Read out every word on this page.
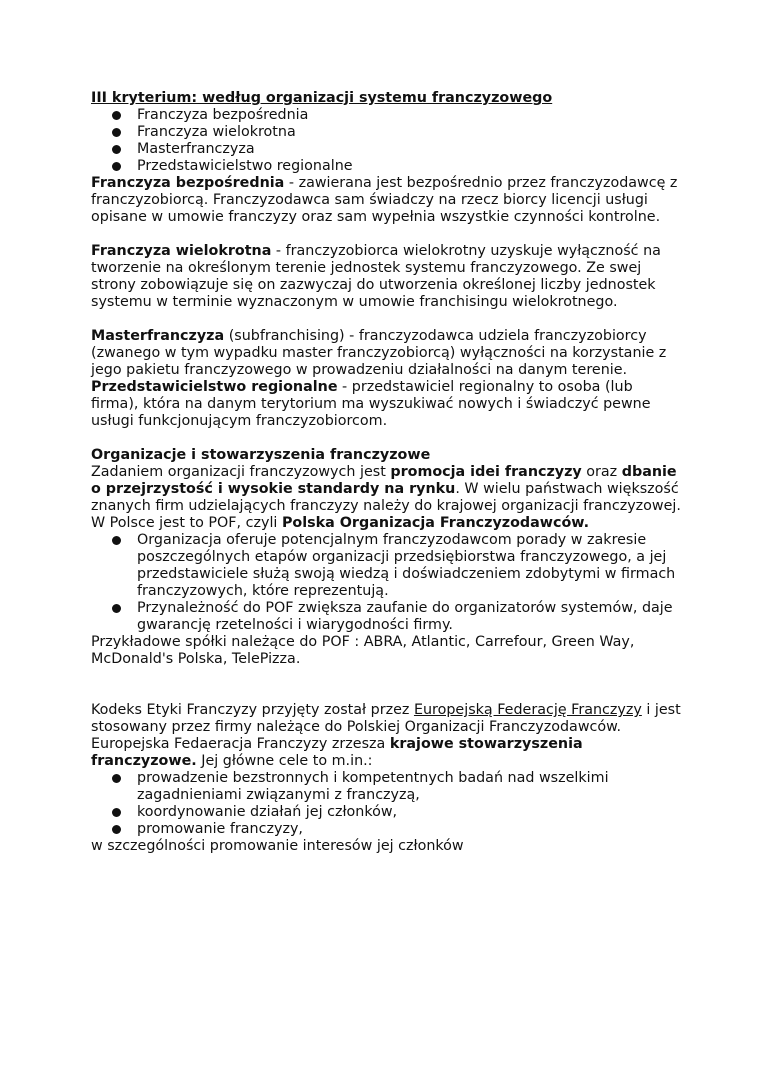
III kryterium: według organizacji systemu franczyzowego
Franczyza bezpośrednia
Franczyza wielokrotna
Masterfranczyza
Przedstawicielstwo regionalne

Franczyza bezpośrednia - zawierana jest bezpośrednio przez franczyzodawcę z franczyzobiorcą. Franczyzodawca sam świadczy na rzecz biorcy licencji usługi opisane w umowie franczyzy oraz sam wypełnia wszystkie czynności kontrolne.

Franczyza wielokrotna - franczyzobiorca wielokrotny uzyskuje wyłączność na tworzenie na określonym terenie jednostek systemu franczyzowego. Ze swej strony zobowiązuje się on zazwyczaj do utworzenia określonej liczby jednostek systemu w terminie wyznaczonym w umowie franchisingu wielokrotnego.

Masterfranczyza (subfranchising) - franczyzodawca udziela franczyzobiorcy (zwanego w tym wypadku master franczyzobiorcą) wyłączności na korzystanie z jego pakietu franczyzowego w prowadzeniu działalności na danym terenie.

Przedstawicielstwo regionalne - przedstawiciel regionalny to osoba (lub firma), która na danym terytorium ma wyszukiwać nowych i świadczyć pewne usługi funkcjonującym franczyzobiorcom.

Organizacje i stowarzyszenia franczyzowe

Zadaniem organizacji franczyzowych jest promocja idei franczyzy oraz dbanie o przejrzystość i wysokie standardy na rynku. W wielu państwach większość znanych firm udzielających franczyzy należy do krajowej organizacji franczyzowej.

W Polsce jest to POF, czyli Polska Organizacja Franczyzodawców.

Organizacja oferuje potencjalnym franczyzodawcom porady w zakresie poszczególnych etapów organizacji przedsiębiorstwa franczyzowego, a jej przedstawiciele służą swoją wiedzą i doświadczeniem zdobytymi w firmach franczyzowych, które reprezentują.
Przynależność do POF zwiększa zaufanie do organizatorów systemów, daje gwarancję rzetelności i wiarygodności firmy.

Przykładowe spółki należące do POF : ABRA, Atlantic, Carrefour, Green Way, McDonald's Polska, TelePizza.

Kodeks Etyki Franczyzy przyjęty został przez Europejską Federację Franczyzy i jest stosowany przez firmy należące do Polskiej Organizacji Franczyzodawców. Europejska Fedaeracja Franczyzy zrzesza krajowe stowarzyszenia franczyzowe. Jej główne cele to m.in.:

prowadzenie bezstronnych i kompetentnych badań nad wszelkimi zagadnieniami związanymi z franczyzą,
koordynowanie działań jej członków,
promowanie franczyzy,

w szczególności promowanie interesów jej członków
